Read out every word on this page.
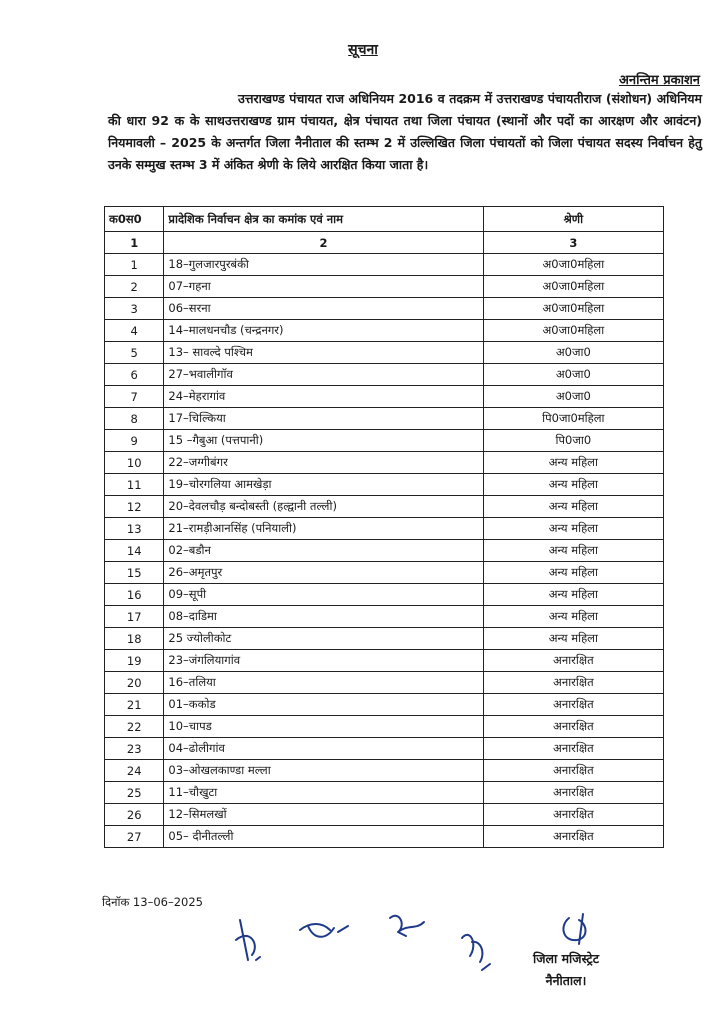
सूचना
अनन्तिम प्रकाशन
उत्तराखण्ड पंचायत राज अधिनियम 2016 व तदक्रम में उत्तराखण्ड पंचायतीराज (संशोधन) अधिनियम की धारा 92 क के साथउत्तराखण्ड ग्राम पंचायत, क्षेत्र पंचायत तथा जिला पंचायत (स्थानों और पदों का आरक्षण और आवंटन) नियमावली – 2025 के अन्तर्गत जिला नैनीताल की स्तम्भ 2 में उल्लिखित जिला पंचायतों को जिला पंचायत सदस्य निर्वाचन हेतु उनके सम्मुख स्तम्भ 3 में अंकित श्रेणी के लिये आरक्षित किया जाता है।
क0स0	प्रादेशिक निर्वाचन क्षेत्र का कमांक एवं नाम	श्रेणी
1	2	3
1	18–गुलजारपुरबंकी	अ0जा0महिला
2	07–गहना	अ0जा0महिला
3	06–सरना	अ0जा0महिला
4	14–मालधनचौड (चन्द्रनगर)	अ0जा0महिला
5	13– सावल्दे पश्चिम	अ0जा0
6	27–भवालीगॉव	अ0जा0
7	24–मेहरागांव	अ0जा0
8	17–चिल्किया	पि0जा0महिला
9	15 –गैबुआ (पत्तपानी)	पि0जा0
10	22–जग्गीबंगर	अन्य महिला
11	19–चोरगलिया आमखेड़ा	अन्य महिला
12	20–देवलचौड़ बन्दोबस्ती (हल्द्वानी तल्ली)	अन्य महिला
13	21–रामड़ीआनसिंह (पनियाली)	अन्य महिला
14	02–बडौन	अन्य महिला
15	26–अमृतपुर	अन्य महिला
16	09–सूपी	अन्य महिला
17	08–दाडिमा	अन्य महिला
18	25 ज्योलीकोट	अन्य महिला
19	23–जंगलियागांव	अनारक्षित
20	16–तलिया	अनारक्षित
21	01–ककोड	अनारक्षित
22	10–चापड	अनारक्षित
23	04–ढोलीगांव	अनारक्षित
24	03–ओखलकाण्डा मल्ला	अनारक्षित
25	11–चौखुटा	अनारक्षित
26	12–सिमलखों	अनारक्षित
27	05– दीनीतल्ली	अनारक्षित
दिनॉक 13–06–2025
जिला मजिस्ट्रेट
नैनीताल।
